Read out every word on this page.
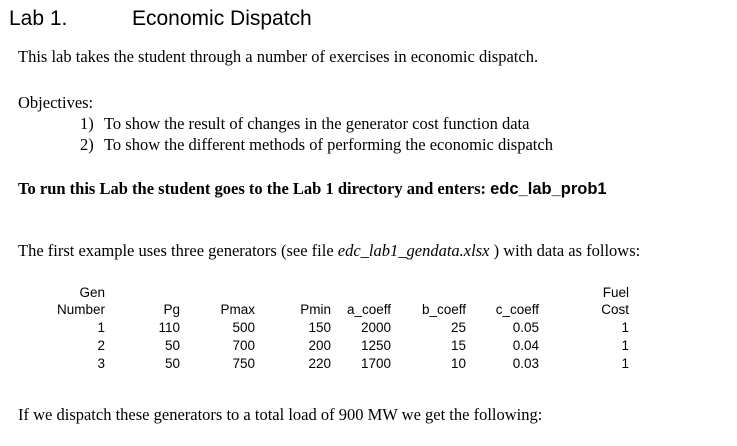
Lab 1.	Economic Dispatch
This lab takes the student through a number of exercises in economic dispatch.
Objectives:
1) To show the result of changes in the generator cost function data
2) To show the different methods of performing the economic dispatch
To run this Lab the student goes to the Lab 1 directory and enters: edc_lab_prob1
The first example uses three generators (see file edc_lab1_gendata.xlsx ) with data as follows:
Gen							Fuel
Number	Pg	Pmax	Pmin	a_coeff	b_coeff	c_coeff	Cost
1	110	500	150	2000	25	0.05	1
2	50	700	200	1250	15	0.04	1
3	50	750	220	1700	10	0.03	1
If we dispatch these generators to a total load of 900 MW we get the following:
